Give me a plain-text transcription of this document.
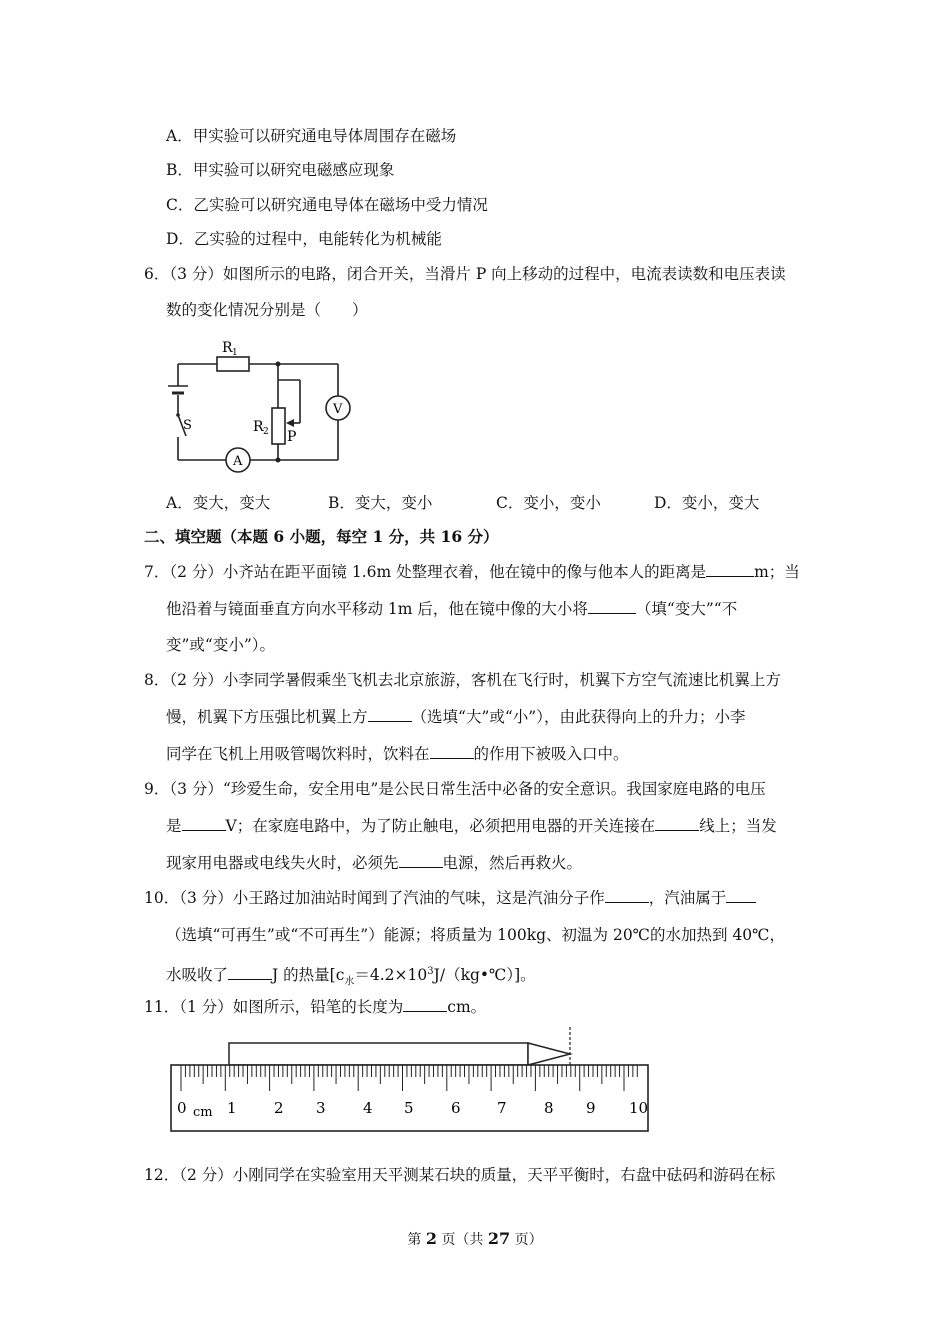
A．甲实验可以研究通电导体周围存在磁场
B．甲实验可以研究电磁感应现象
C．乙实验可以研究通电导体在磁场中受力情况
D．乙实验的过程中，电能转化为机械能
6．（3 分）如图所示的电路，闭合开关，当滑片 P 向上移动的过程中，电流表读数和电压表读
数的变化情况分别是（　　）
R 1
R 2 P
S
V
A
A．变大，变大	B．变大，变小	C．变小，变小	D．变小，变大
二、填空题（本题 6 小题，每空 1 分，共 16 分）
7．（2 分）小齐站在距平面镜 1.6m 处整理衣着，他在镜中的像与他本人的距离是	m；当
他沿着与镜面垂直方向水平移动 1m 后，他在镜中像的大小将	（填“变大”“不
变”或“变小”）。
8．（2 分）小李同学暑假乘坐飞机去北京旅游，客机在飞行时，机翼下方空气流速比机翼上方
慢，机翼下方压强比机翼上方	（选填“大”或“小”），由此获得向上的升力；小李
同学在飞机上用吸管喝饮料时，饮料在	的作用下被吸入口中。
9．（3 分）“珍爱生命，安全用电”是公民日常生活中必备的安全意识。我国家庭电路的电压
是	V；在家庭电路中，为了防止触电，必须把用电器的开关连接在	线上；当发
现家用电器或电线失火时，必须先	电源，然后再救火。
10．（3 分）小王路过加油站时闻到了汽油的气味，这是汽油分子作	，汽油属于
（选填“可再生”或“不可再生”）能源；将质量为 100kg、初温为 20℃的水加热到 40℃，
水吸收了	J 的热量$[c_水=4.2\times 10^3J/(kg•℃)]$。
11．（1 分）如图所示，铅笔的长度为	cm。
0	1 2 3 4 5 6 7 8 9 10
cm
12．（2 分）小刚同学在实验室用天平测某石块的质量，天平平衡时，右盘中砝码和游码在标
第 2 页（共 27 页）
